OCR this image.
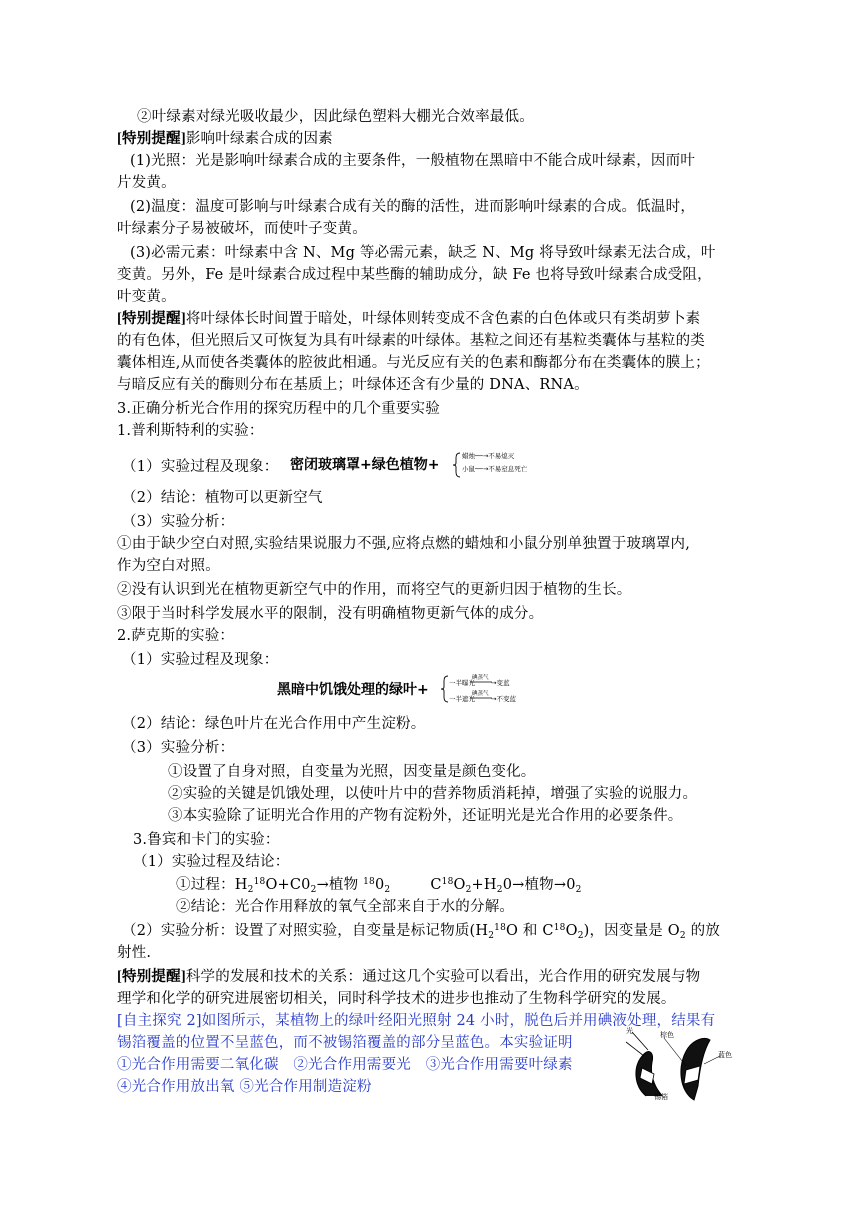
②叶绿素对绿光吸收最少，因此绿色塑料大棚光合效率最低。
[特别提醒]影响叶绿素合成的因素
(1)光照：光是影响叶绿素合成的主要条件，一般植物在黑暗中不能合成叶绿素，因而叶
片发黄。
(2)温度：温度可影响与叶绿素合成有关的酶的活性，进而影响叶绿素的合成。低温时，
叶绿素分子易被破坏，而使叶子变黄。
(3)必需元素：叶绿素中含 N、Mg 等必需元素，缺乏 N、Mg 将导致叶绿素无法合成，叶
变黄。另外，Fe 是叶绿素合成过程中某些酶的辅助成分，缺 Fe 也将导致叶绿素合成受阻，
叶变黄。
[特别提醒]将叶绿体长时间置于暗处，叶绿体则转变成不含色素的白色体或只有类胡萝卜素
的有色体，但光照后又可恢复为具有叶绿素的叶绿体。基粒之间还有基粒类囊体与基粒的类
囊体相连,从而使各类囊体的腔彼此相通。与光反应有关的色素和酶都分布在类囊体的膜上；
与暗反应有关的酶则分布在基质上；叶绿体还含有少量的 DNA、RNA。
3.正确分析光合作用的探究历程中的几个重要实验
1.普利斯特利的实验：
（1）实验过程及现象： 密闭玻璃罩+绿色植物+
蜡烛──→不易熄灭
小鼠──→不易窒息死亡
（2）结论：植物可以更新空气
（3）实验分析：
①由于缺少空白对照,实验结果说服力不强,应将点燃的蜡烛和小鼠分别单独置于玻璃罩内,
作为空白对照。
②没有认识到光在植物更新空气中的作用，而将空气的更新归因于植物的生长。
③限于当时科学发展水平的限制，没有明确植物更新气体的成分。
2.萨克斯的实验：
（1）实验过程及现象：
黑暗中饥饿处理的绿叶+	一半曝光
碘蒸气
→变蓝
一半遮光
碘蒸气
→不变蓝
（2）结论：绿色叶片在光合作用中产生淀粉。
（3）实验分析：
①设置了自身对照，自变量为光照，因变量是颜色变化。
②实验的关键是饥饿处理，以使叶片中的营养物质消耗掉，增强了实验的说服力。
③本实验除了证明光合作用的产物有淀粉外，还证明光是光合作用的必要条件。
3.鲁宾和卡门的实验：
（1）实验过程及结论：
①过程：$H_2^{18}O+C0_2\to$植物 $^{18}0_2$	$C^{18}O_2+H_20\to$植物$\to 0_2$
②结论：光合作用释放的氧气全部来自于水的分解。
（2）实验分析：设置了对照实验，自变量是标记物质($H_2^{18}O$ 和 $C^{18}O_2$)，因变量是 $O_2$ 的放
射性.
[特别提醒]科学的发展和技术的关系：通过这几个实验可以看出，光合作用的研究发展与物
理学和化学的研究进展密切相关，同时科学技术的进步也推动了生物科学研究的发展。
[自主探究 2]如图所示，某植物上的绿叶经阳光照射 24 小时，脱色后并用碘液处理，结果有
锡箔覆盖的位置不呈蓝色，而不被锡箔覆盖的部分呈蓝色。本实验证明
①光合作用需要二氧化碳　②光合作用需要光　③光合作用需要叶绿素
④光合作用放出氧 ⑤光合作用制造淀粉
光	棕色
蓝色
锡箔
